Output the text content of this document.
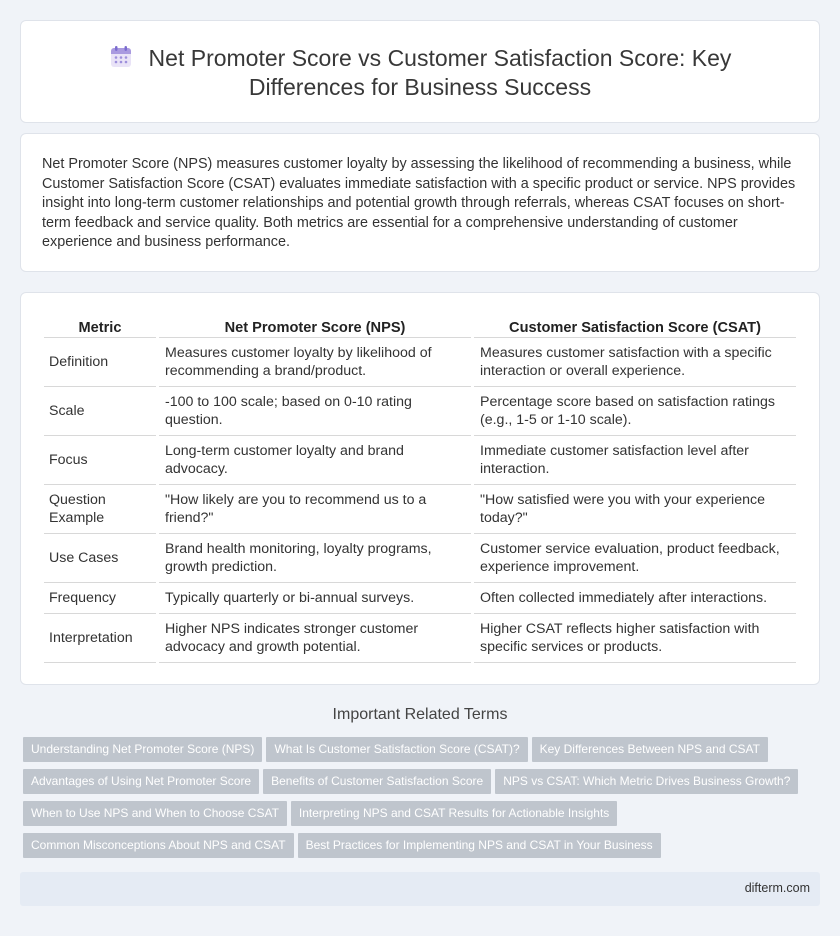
Net Promoter Score vs Customer Satisfaction Score: Key
Differences for Business Success

Net Promoter Score (NPS) measures customer loyalty by assessing the likelihood of recommending a business, while Customer Satisfaction Score (CSAT) evaluates immediate satisfaction with a specific product or service. NPS provides insight into long-term customer relationships and potential growth through referrals, whereas CSAT focuses on short-term feedback and service quality. Both metrics are essential for a comprehensive understanding of customer experience and business performance.

Metric	Net Promoter Score (NPS)	Customer Satisfaction Score (CSAT)
Definition	Measures customer loyalty by likelihood of recommending a brand/product.	Measures customer satisfaction with a specific interaction or overall experience.
Scale	-100 to 100 scale; based on 0-10 rating question.	Percentage score based on satisfaction ratings (e.g., 1-5 or 1-10 scale).
Focus	Long-term customer loyalty and brand advocacy.	Immediate customer satisfaction level after interaction.
Question Example	"How likely are you to recommend us to a friend?"	"How satisfied were you with your experience today?"
Use Cases	Brand health monitoring, loyalty programs, growth prediction.	Customer service evaluation, product feedback, experience improvement.
Frequency	Typically quarterly or bi-annual surveys.	Often collected immediately after interactions.
Interpretation	Higher NPS indicates stronger customer advocacy and growth potential.	Higher CSAT reflects higher satisfaction with specific services or products.
Important Related Terms
Understanding Net Promoter Score (NPS) What Is Customer Satisfaction Score (CSAT)? Key Differences Between NPS and CSAT
Advantages of Using Net Promoter Score Benefits of Customer Satisfaction Score NPS vs CSAT: Which Metric Drives Business Growth?
When to Use NPS and When to Choose CSAT Interpreting NPS and CSAT Results for Actionable Insights
Common Misconceptions About NPS and CSAT Best Practices for Implementing NPS and CSAT in Your Business
difterm.com
